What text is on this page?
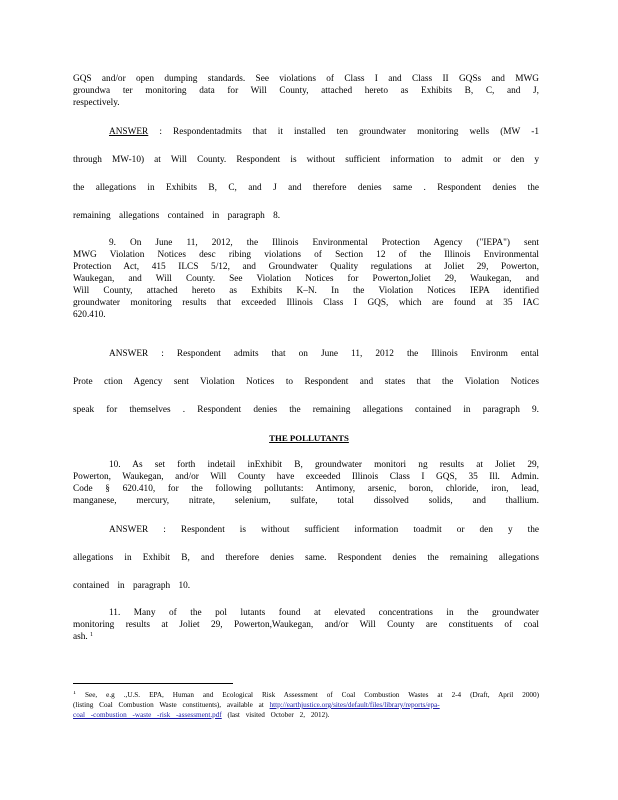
GQS and/or open dumping standards. See violations of Class I and Class II GQSs and MWG
groundwa ter monitoring data for Will County, attached hereto as Exhibits B, C, and J,
respectively.
ANSWER : Respondentadmits that it installed ten groundwater monitoring wells (MW -1
through MW-10) at Will County. Respondent is without sufficient information to admit or den y
the allegations in Exhibits B, C, and J and therefore denies same . Respondent denies the
remaining allegations contained in paragraph 8.
9. On June 11, 2012, the Illinois Environmental Protection Agency ("IEPA") sent
MWG Violation Notices desc ribing violations of Section 12 of the Illinois Environmental
Protection Act, 415 ILCS 5/12, and Groundwater Quality regulations at Joliet 29, Powerton,
Waukegan, and Will County. See Violation Notices for Powerton,Joliet 29, Waukegan, and
Will County, attached hereto as Exhibits K–N. In the Violation Notices IEPA identified
groundwater monitoring results that exceeded Illinois Class I GQS, which are found at 35 IAC
620.410.
ANSWER : Respondent admits that on June 11, 2012 the Illinois Environm ental
Prote ction Agency sent Violation Notices to Respondent and states that the Violation Notices
speak for themselves . Respondent denies the remaining allegations contained in paragraph 9.
THE POLLUTANTS
10. As set forth indetail inExhibit B, groundwater monitori ng results at Joliet 29,
Powerton, Waukegan, and/or Will County have exceeded Illinois Class I GQS, 35 Ill. Admin.
Code § 620.410, for the following pollutants: Antimony, arsenic, boron, chloride, iron, lead,
manganese, mercury, nitrate, selenium, sulfate, total dissolved solids, and thallium.
ANSWER : Respondent is without sufficient information toadmit or den y the
allegations in Exhibit B, and therefore denies same. Respondent denies the remaining allegations
contained in paragraph 10.
11. Many of the pol lutants found at elevated concentrations in the groundwater
monitoring results at Joliet 29, Powerton,Waukegan, and/or Will County are constituents of coal
ash. $^1$
$^1$ See, e.g .,U.S. EPA, Human and Ecological Risk Assessment of Coal Combustion Wastes at 2-4 (Draft, April 2000)
(listing Coal Combustion Waste constituents), available at http://earthjustice.org/sites/default/files/library/reports/epa-
coal -combustion -waste -risk -assessment.pdf (last visited October 2, 2012).
